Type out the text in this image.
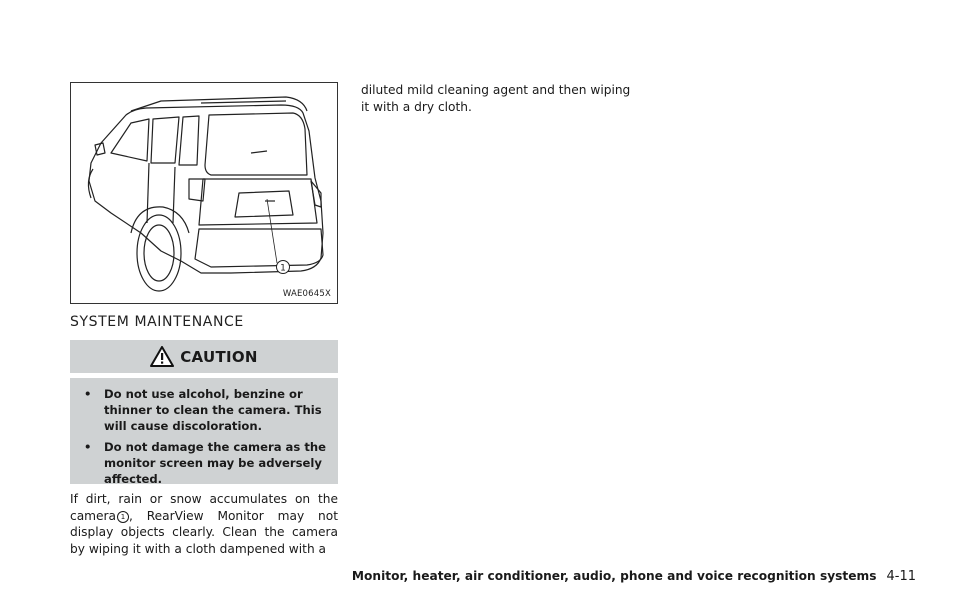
1
WAE0645X
SYSTEM MAINTENANCE
CAUTION
•	Do not use alcohol, benzine or thinner to clean the camera. This will cause discoloration.
•	Do not damage the camera as the monitor screen may be adversely affected.
If dirt, rain or snow accumulates on the camera 1 , RearView Monitor may not display objects clearly. Clean the camera by wiping it with a cloth dampened with a
diluted mild cleaning agent and then wiping it with a dry cloth.
Monitor, heater, air conditioner, audio, phone and voice recognition systems 4-11
